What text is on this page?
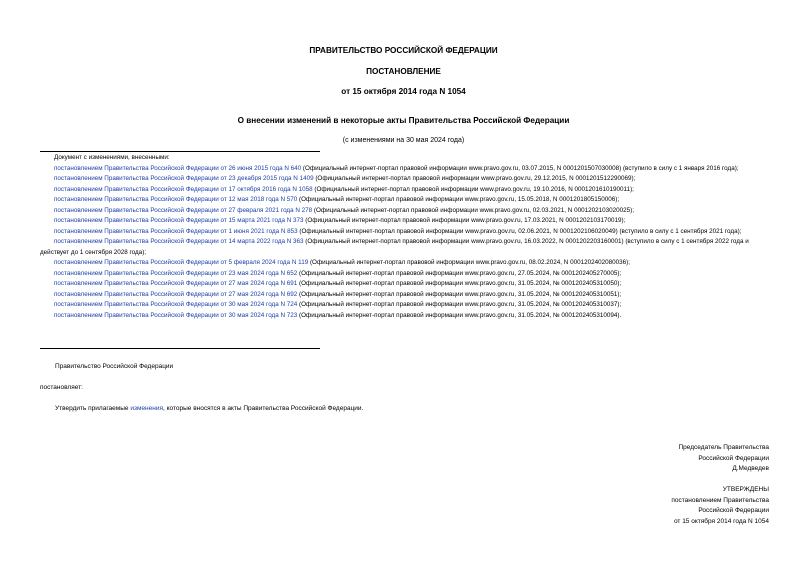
ПРАВИТЕЛЬСТВО РОССИЙСКОЙ ФЕДЕРАЦИИ
ПОСТАНОВЛЕНИЕ
от 15 октября 2014 года N 1054
О внесении изменений в некоторые акты Правительства Российской Федерации
(с изменениями на 30 мая 2024 года)
Документ с изменениями, внесенными:
постановлением Правительства Российской Федерации от 26 июня 2015 года N 640 (Официальный интернет-портал правовой информации www.pravo.gov.ru, 03.07.2015, N 0001201507030008) (вступило в силу с 1 января 2016 года);
постановлением Правительства Российской Федерации от 23 декабря 2015 года N 1409 (Официальный интернет-портал правовой информации www.pravo.gov.ru, 29.12.2015, N 0001201512290069);
постановлением Правительства Российской Федерации от 17 октября 2016 года N 1058 (Официальный интернет-портал правовой информации www.pravo.gov.ru, 19.10.2016, N 0001201610190011);
постановлением Правительства Российской Федерации от 12 мая 2018 года N 570 (Официальный интернет-портал правовой информации www.pravo.gov.ru, 15.05.2018, N 0001201805150006);
постановлением Правительства Российской Федерации от 27 февраля 2021 года N 278 (Официальный интернет-портал правовой информации www.pravo.gov.ru, 02.03.2021, N 0001202103020025);
постановлением Правительства Российской Федерации от 15 марта 2021 года N 373 (Официальный интернет-портал правовой информации www.pravo.gov.ru, 17.03.2021, N 0001202103170019);
постановлением Правительства Российской Федерации от 1 июня 2021 года N 853 (Официальный интернет-портал правовой информации www.pravo.gov.ru, 02.06.2021, N 0001202106020049) (вступило в силу с 1 сентября 2021 года);
постановлением Правительства Российской Федерации от 14 марта 2022 года N 363 (Официальный интернет-портал правовой информации www.pravo.gov.ru, 16.03.2022, N 0001202203160001) (вступило в силу с 1 сентября 2022 года и действует до 1 сентября 2028 года);
постановлением Правительства Российской Федерации от 5 февраля 2024 года N 119 (Официальный интернет-портал правовой информации www.pravo.gov.ru, 08.02.2024, N 0001202402080036);
постановлением Правительства Российской Федерации от 23 мая 2024 года N 652 (Официальный интернет-портал правовой информации www.pravo.gov.ru, 27.05.2024, № 0001202405270005);
постановлением Правительства Российской Федерации от 27 мая 2024 года N 691 (Официальный интернет-портал правовой информации www.pravo.gov.ru, 31.05.2024, № 0001202405310050);
постановлением Правительства Российской Федерации от 27 мая 2024 года N 692 (Официальный интернет-портал правовой информации www.pravo.gov.ru, 31.05.2024, № 0001202405310051);
постановлением Правительства Российской Федерации от 30 мая 2024 года N 724 (Официальный интернет-портал правовой информации www.pravo.gov.ru, 31.05.2024, № 0001202405310037);
постановлением Правительства Российской Федерации от 30 мая 2024 года N 723 (Официальный интернет-портал правовой информации www.pravo.gov.ru, 31.05.2024, № 0001202405310094).
Правительство Российской Федерации
постановляет:
Утвердить прилагаемые изменения, которые вносятся в акты Правительства Российской Федерации.
Председатель Правительства
Российской Федерации
Д.Медведев
УТВЕРЖДЕНЫ
постановлением Правительства
Российской Федерации
от 15 октября 2014 года N 1054
